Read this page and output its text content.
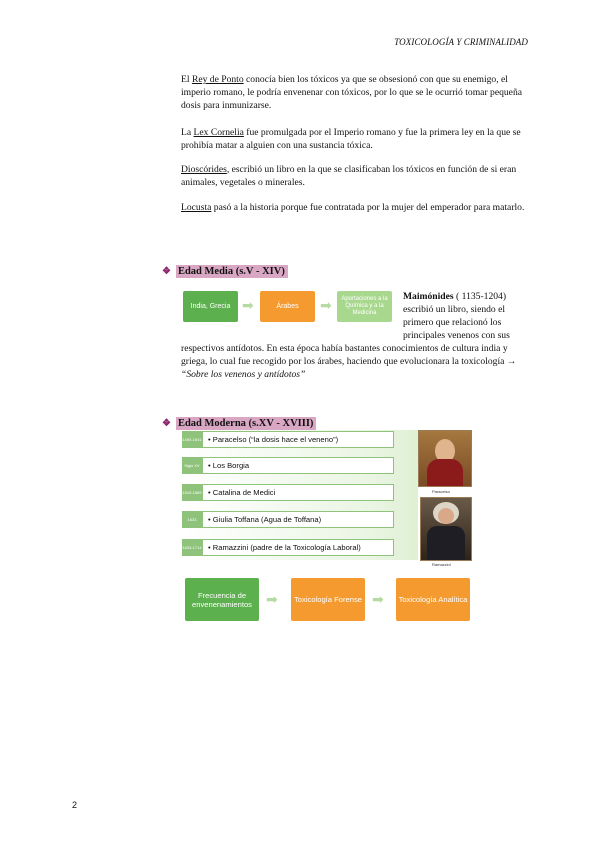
TOXICOLOGÍA Y CRIMINALIDAD
El Rey de Ponto conocía bien los tóxicos ya que se obsesionó con que su enemigo, el imperio romano, le podría envenenar con tóxicos, por lo que se le ocurrió tomar pequeña dosis para inmunizarse.
La Lex Cornelia fue promulgada por el Imperio romano y fue la primera ley en la que se prohibía matar a alguien con una sustancia tóxica.
Dioscórides, escribió un libro en la que se clasificaban los tóxicos en función de si eran animales, vegetales o minerales.
Locusta pasó a la historia porque fue contratada por la mujer del emperador para matarlo.
❖ Edad Media (s.V - XIV)
India, Grecia ➡	Árabes	➡	Aportaciones a la Química y a la Medicina
Maimónides ( 1135-1204) escribió un libro, siendo el primero que relacionó los principales venenos con sus
respectivos antídotos. En esta época había bastantes conocimientos de cultura india y griega, lo cual fue recogido por los árabes, haciendo que evolucionara la toxicología → “Sobre los venenos y antídotos”
❖ Edad Moderna (s.XV - XVIII)
1493-1541 • Paracelso (“la dosis hace el veneno”)
Siglo XV	• Los Borgia
1519-1589 • Catalina de Medici
1633	• Giulia Toffana (Agua de Toffana)
1633-1714 • Ramazzini (padre de la Toxicología Laboral)
Paracelso
Ramazzini
Frecuencia de envenenamientos	➡	Toxicología Forense ➡	Toxicología Analítica
2
